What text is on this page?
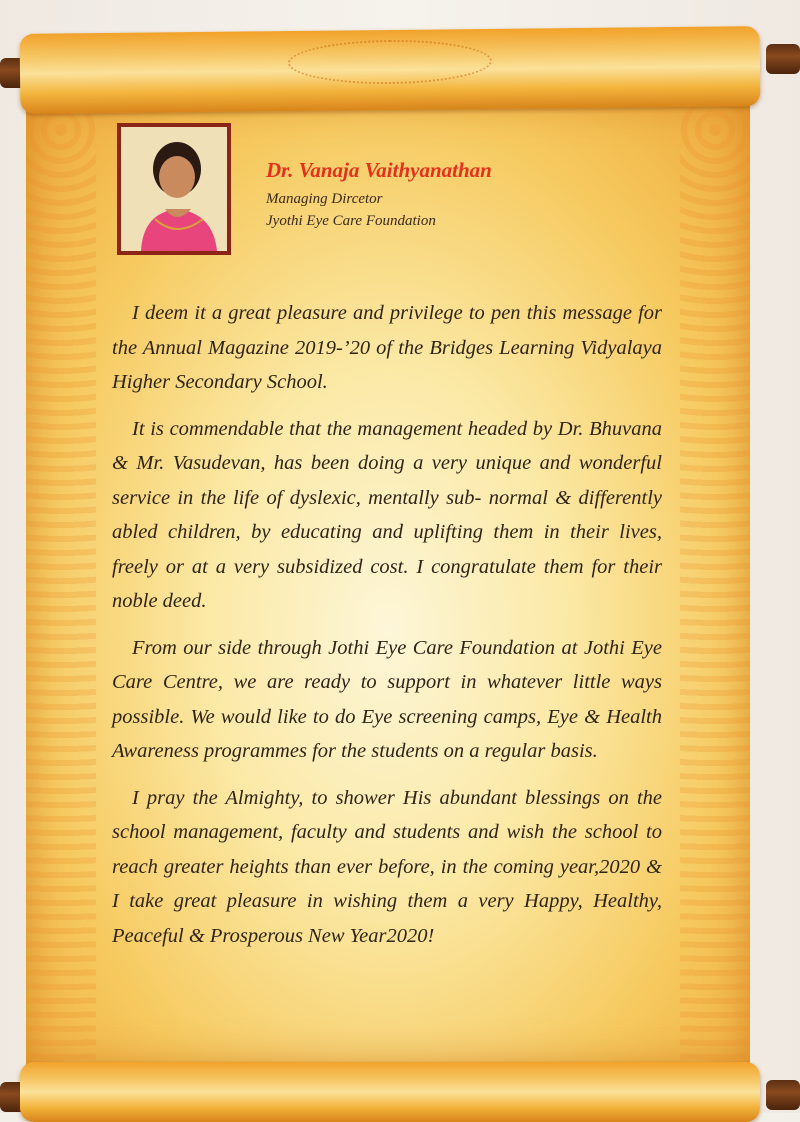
Dr. Vanaja Vaithyanathan
Managing Dircetor
Jyothi Eye Care Foundation

I deem it a great pleasure and privilege to pen this message for the Annual Magazine 2019-’20 of the Bridges Learning Vidyalaya Higher Secondary School.

It is commendable that the management headed by Dr. Bhuvana & Mr. Vasudevan, has been doing a very unique and wonderful service in the life of dyslexic, mentally sub- normal & differently abled children, by educating and uplifting them in their lives, freely or at a very subsidized cost. I congratulate them for their noble deed.

From our side through Jothi Eye Care Foundation at Jothi Eye Care Centre, we are ready to support in whatever little ways possible. We would like to do Eye screening camps, Eye & Health Awareness programmes for the students on a regular basis.

I pray the Almighty, to shower His abundant blessings on the school management, faculty and students and wish the school to reach greater heights than ever before, in the coming year,2020 & I take great pleasure in wishing them a very Happy, Healthy, Peaceful & Prosperous New Year2020!
